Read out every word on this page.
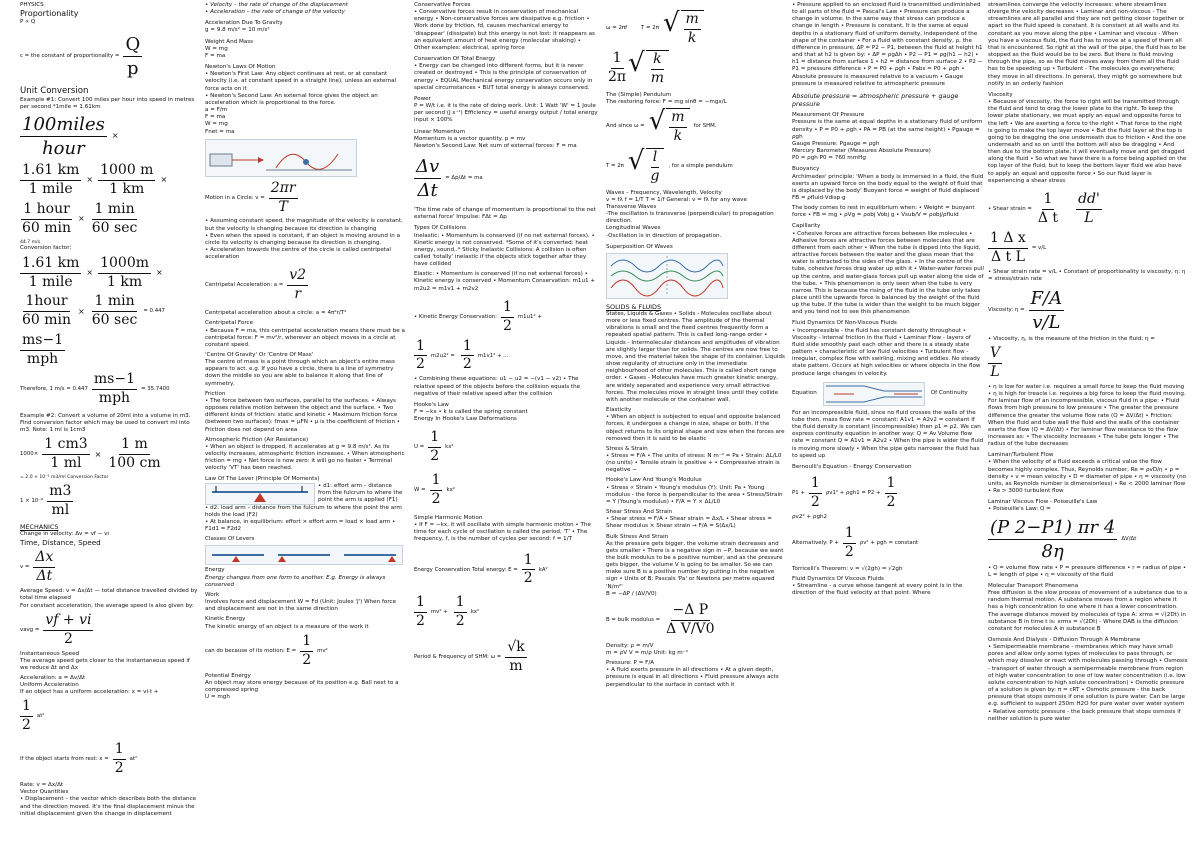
PHYSICS

Proportionality

P ∝ Q

c = the constant of proportionality = $\frac{Q}{p}$

Unit Conversion

Example #1: Convert 100 miles per hour into speed in metres per second *1mile = 1.61km

$\frac{\text{100miles}}{\text{hour}}$ ×
$\frac{1.61 km}{\text{1 mile}} \times \frac{1000 m}{1 km}$ ×
$\frac{\text{1 hour}}{60 \min} \times \frac{1 \min}{60 \sec}$

44.7 m/s

Conversion factor:

$\frac{1.61 km}{\text{1 mile}} \times \frac{1000m}{1 km}$ ×
$\frac{\text{1hour}}{60 \min} \times \frac{1 \min}{60 \sec} = 0.447$
$\frac{ms-1}{\text{mph}}$
Therefore, 1 $m/s = 0.447 \frac{ms-1}{\text{mph}} = 35.7400$

Example #2: Convert a volume of 20ml into a volume in m3. Find conversion factor which may be used to convert ml into m3. Note: 1 ml is 1cm3

$1000\times \frac{1 cm3}{1 ml} \times \frac{1 m}{100 cm}$

= 2.0 × 10⁻⁵ m3/ml Conversion Factor

$1 \times 10^{-6} \frac{m3}{ml}$

MECHANICS

Change in velocity: Δv = vf − vi

Time, Distance, Speed

$v = \frac{\Delta x}{\Delta t}$

Average Speed: v = Δx/Δt — total distance travelled divided by total time elapsed

For constant acceleration, the average speed is also given by:

vavg = $\frac{vf + vi}{2}$

Instantaneous Speed

The average speed gets closer to the instantaneous speed if we reduce Δt and Δx

Acceleration: a = Δv/Δt

Uniform Acceleration

If an object has a uniform acceleration: x = vi·t +

$\frac{1}{2} at^2$
If the object starts from rest: $x = \frac{1}{2} at^2$

Rate: v = Δx/Δt

Vector Quantities

• Displacement – the vector which describes both the distance and the direction moved. It's the final displacement minus the initial displacement given the change in displacement

• Velocity – the rate of change of the displacement

• Acceleration – the rate of change of the velocity

Acceleration Due To Gravity

g = 9.8 m/s² ≈ 10 m/s²

Weight And Mass

W = mg

F = ma

Newton's Laws Of Motion

• Newton's First Law: Any object continues at rest, or at constant velocity (i.e. at constant speed in a straight line), unless an external force acts on it

• Newton's Second Law: An external force gives the object an acceleration which is proportional to the force.

a = F/m

F = ma

W = mg

Fnet = ma

Motion in a Circle: $v = \frac{2\pi r}{T}$

• Assuming constant speed, the magnitude of the velocity is constant, but the velocity is changing because its direction is changing

• Even when the speed is constant, if an object is moving around in a circle its velocity is changing because its direction is changing.

• Acceleration towards the centre of the circle is called centripetal acceleration

Centripetal Acceleration: $a = \frac{v2}{r}$

Centripetal acceleration about a circle: a = 4π²r/T²

Centripetal Force

• Because F = ma, this centripetal acceleration means there must be a centripetal force: F = mv²/r, wherever an object moves in a circle at constant speed.

'Centre Of Gravity' Or 'Centre Of Mass'

The centre of mass is a point through which an object's entire mass appears to act. e.g. If you have a circle, there is a line of symmetry down the middle so you are able to balance it along that line of symmetry.

Friction

• The force between two surfaces, parallel to the surfaces. • Always opposes relative motion between the object and the surface. • Two different kinds of friction: static and kinetic • Maximum friction force (between two surfaces): fmax = μFN • μ is the coefficient of friction • Friction does not depend on area

Atmospheric Friction (Air Resistance)

• When an object is dropped, it accelerates at g = 9.8 m/s². As its velocity increases, atmospheric friction increases. • When atmospheric friction = mg • Net force is now zero: it will go no faster • Terminal velocity 'VT' has been reached.

Law Of The Lever (Principle Of Moments)

• d1: effort arm – distance from the fulcrum to where the point the arm is applied (F1)

• d2: load arm – distance from the fulcrum to where the point the arm holds the load (F2)

• At balance, in equilibrium: effort × effort arm = load × load arm • F1d1 = F2d2

Classes Of Levers

Energy

Energy changes from one form to another. E.g. Energy is always conserved

Work

Involves force and displacement W = Fd (Unit: Joules 'J') When force and displacement are not in the same direction

Kinetic Energy

The kinetic energy of an object is a measure of the work it

can do because of its motion: $E = \frac{1}{2} mv^2$

Potential Energy

An object may store energy because of its position e.g. Ball next to a compressed spring

U = mgh

Conservative Forces

• Conservative forces result in conservation of mechanical energy • Non-conservative forces are dissipative e.g. friction • Work done by friction, fd, causes mechanical energy to 'disappear' (dissipate) but this energy is not lost: it reappears as an equivalent amount of heat energy (molecular shaking) • Other examples: electrical, spring force

Conservation Of Total Energy

• Energy can be changed into different forms, but it is never created or destroyed • This is the principle of conservation of energy • EQUAL Mechanical energy conservation occurs only in special circumstances • BUT total energy is always conserved.

Power

P = W/t i.e. it is the rate of doing work. Unit: 1 Watt 'W' = 1 Joule per second (J s⁻¹) Efficiency = useful energy output / total energy input × 100%

Linear Momentum

Momentum is a vector quantity. p = mv

Newton's Second Law: Net sum of external forces: F = ma

$\frac{\Delta v}{\Delta t} = \Delta p/\Delta t$ = ma

'The time rate of change of momentum is proportional to the net external force' Impulse: FΔt = Δp

Types Of Collisions

Inelastic: • Momentum is conserved (if no net external forces). • Kinetic energy is not conserved. *Some of it's converted: heat energy, sound..* Sticky Inelastic Collisions: A collision is often called 'totally' inelastic if the objects stick together after they have collided

Elastic: • Momentum is conserved (if no net external forces) • Kinetic energy is conserved • Momentum Conservation: m1u1 + m2u2 = m1v1 + m2v2

• Kinetic Energy Conservation: $\frac{1}{2} m1u1^2$ +
$\frac{1}{2} m2u2^2 = \frac{1}{2} m1v1^2$ + ...

• Combining these equations: u1 − u2 = −(v1 − v2) • The relative speed of the objects before the collision equals the negative of their relative speed after the collision

Hooke's Law

F = −kx • k is called the spring constant

Energy In Hooke's Law Deformations

$U = \frac{1}{2} kx^2$
$W = \frac{1}{2} kx^2$

Simple Harmonic Motion

• If F = −kx, it will oscillate with simple harmonic motion • The time for each cycle of oscillation is called the period, 'T' • The frequency, f, is the number of cycles per second: f = 1/T

Energy Conservation Total energy: $E = \frac{1}{2} kA^2$
$\frac{1}{2} mv^2 + \frac{1}{2} kx^2$
Period & Frequency of SHM: $\omega = \frac{√k}{m}$
ω = 2πf	T = 2π √ $\frac{m}{k}$
$\frac{1}{2\pi}$ √ $\frac{k}{m}$

The (Simple) Pendulum

The restoring force: F = mg sinθ = −mgx/L

And since ω = √ $\frac{m}{k}$ for SHM.
T = 2π √ $\frac{l}{g}$ , for a simple pendulum

Waves – Frequency, Wavelength, Velocity

v = fλ f = 1/T T = 1/f General: v = fλ for any wave

Transverse Waves

-The oscillation is transverse (perpendicular) to propagation direction.

Longitudinal Waves

-Oscillation is in direction of propagation.

Superposition Of Waves

SOLIDS & FLUIDS

States, Liquids & Gases • Solids - Molecules oscillate about more or less fixed centres. The amplitude of the thermal vibrations is small and the fixed centres frequently form a repeated spatial pattern. This is called long-range order • Liquids - Intermolecular distances and amplitudes of vibration are slightly larger than for solids. The centres are now free to move, and the material takes the shape of its container. Liquids show regularity of structure only in the immediate neighbourhood of other molecules. This is called short range order. • Gases - Molecules have much greater kinetic energy, are widely separated and experience very small attractive forces. The molecules move in straight lines until they collide with another molecule or the container wall.

Elasticity

• When an object is subjected to equal and opposite balanced forces, it undergoes a change in size, shape or both. If the object returns to its original shape and size when the forces are removed then it is said to be elastic

Stress & Strain

• Stress = F/A • The units of stress: N m⁻² = Pa • Strain: ΔL/L0 (no units) • Tensile strain is positive + • Compressive strain is negative −

Hooke's Law And Young's Modulus

• Stress ∝ Strain • Young's modulus (Y): Unit: Pa • Young modulus - the force is perpendicular to the area • Stress/Strain = Y (Young's modulus) • F/A = Y × ΔL/L0

Shear Stress And Strain

• Shear stress = F/A • Shear strain = Δx/L • Shear stress = Shear modulus × Shear strain → F/A = S(Δx/L)

Bulk Stress And Strain

As the pressure gets bigger, the volume strain decreases and gets smaller • There is a negative sign in −P, because we want the bulk modulus to be a positive number, and as the pressure gets bigger, the volume V is going to be smaller. So we can make sure B is a positive number by putting in the negative sign • Units of B: Pascals 'Pa' or Newtons per metre squared 'N/m²'

B = −ΔP / (ΔV/V0)

B = bulk modulus = $\frac{\text{−Δ P}}{\text{Δ V/V0}}$

Density: ρ = m/V

m = ρV V = m/ρ Unit: kg m⁻³

Pressure: P = F/A

• A fluid exerts pressure in all directions • At a given depth, pressure is equal in all directions • Fluid pressure always acts perpendicular to the surface in contact with it

• Pressure applied to an enclosed fluid is transmitted undiminished to all parts of the fluid = Pascal's Law • Pressure can produce a change in volume: In the same way that stress can produce a change in length • Pressure is constant, It is the same at equal depths in a stationary fluid of uniform density, independent of the shape of the container • For a fluid with constant density, ρ, the difference in pressure, ΔP = P2 − P1, between the fluid at height h1 and that at h2 is given by: • ΔP = ρgΔh • P2 − P1 = ρg(h1 − h2) • h1 = distance from surface 1 • h2 = distance from surface 2 • P2 − P1 = pressure difference • P = P0 + ρgh • Pabs = P0 + ρgh • Absolute pressure is measured relative to a vacuum • Gauge pressure is measured relative to atmospheric pressure

Absolute pressure = atmospheric pressure + gauge pressure

Measurement Of Pressure

Pressure is the same at equal depths in a stationary fluid of uniform density • P = P0 + ρgh • PA = PB (at the same height) • Pgauge = ρgh

Gauge Pressure: Pgauge = ρgh

Mercury Barometer (Measures Absolute Pressure)

P0 = ρgh P0 = 760 mmHg

Buoyancy

Archimedes' principle: 'When a body is immersed in a fluid, the fluid exerts an upward force on the body equal to the weight of fluid that is displaced by the body' Buoyant force = weight of fluid displaced FB = ρfluid·Vdisp·g

The body comes to rest in equilibrium when: • Weight = buoyant force • FB = mg • ρVg = ρobj Vobj g • Vsub/V = ρobj/ρfluid

Capillarity

• Cohesive forces are attractive forces between like molecules • Adhesive forces are attractive forces between molecules that are different from each other • When the tube is dipped into the liquid, attractive forces between the water and the glass mean that the water is attracted to the sides of the glass. • In the centre of the tube, cohesive forces drag water up with it • Water-water forces pull up the centre, and water-glass forces pull up water along the side of the tube. • This phenomenon is only seen when the tube is very narrow. This is because the rising of the fluid in the tube only takes place until the upwards force is balanced by the weight of the fluid up the tube. If the tube is wider than the weight to be much bigger and you tend not to see this phenomenon

Fluid Dynamics Of Non-Viscous Fluids

• Incompressible - the fluid has constant density throughout • Viscosity - internal friction in the fluid • Laminar Flow - layers of fluid slide smoothly past each other and there is a steady state pattern • characteristic of low fluid velocities • Turbulent flow - irregular, complex flow with swirling, mixing and eddies. No steady state pattern. Occurs at high velocities or where objects in the flow produce large changes in velocity.

Equation	Of Continuity

For an incompressible fluid, since no fluid crosses the walls of the tube then, mass flow rate = constant: A1v1 = A2v2 = constant If the fluid density is constant (incompressible) then ρ1 = ρ2. We can express continuity equation in another way: Q = Av Volume flow rate = constant Q = A1v1 = A2v2 • When the pipe is wider the fluid is moving more slowly • When the pipe gets narrower the fluid has to speed up

Bernoulli's Equation - Energy Conservation

$P1 + \frac{1}{2} \rho v1^2 + \rho gh1 = P2 + \frac{1}{2}$

ρv2² + ρgh2

Alternatively: $P + \frac{1}{2} \rho v^2 + \rho gh$ = constant

Torricelli's Theorem: v = √(2gh) = √2gh

Fluid Dynamics Of Viscous Fluids

• Streamline - a curve whose tangent at every point is in the direction of the fluid velocity at that point. Where

streamlines converge the velocity increases: where streamlines diverge the velocity decreases • Laminar and non-viscous - The streamlines are all parallel and they are not getting closer together or apart so the fluid speed is constant. It is constant at all walls and its constant as you move along the pipe • Laminar and viscous - When you have a viscous fluid, the fluid has to move at a speed of them all that is encountered. So right at the wall of the pipe, the fluid has to be stopped as the fluid would be to be zero. But there is fluid moving through the pipe, so as the fluid moves away from them all the fluid has to be speeding up • Turbulent - The molecules go everywhere; they move in all directions. In general, they might go somewhere but notify in an orderly fashion

Viscosity

• Because of viscosity, the force to right will be transmitted through the fluid and tend to drag the lower plate to the right. To keep the lower plate stationary, we must apply an equal and opposite force to the left • We are exerting a force to the right • That force to the right is going to make the top layer move • But the fluid layer at the top is going to be dragging the one underneath due to friction • And the one underneath and so on until the bottom will also be dragging • And then due to the bottom plate, it will eventually move and get dragged along the fluid • So what we have there is a force being applied on the top layer of the fluid, but to keep the bottom layer fluid we also have to apply an equal and opposite force • So our fluid layer is experiencing a shear stress

• Shear strain = $\frac{1}{\text{Δ t}} \frac{dd'}{L}$
$\frac{\text{1 Δ x}}{\text{Δ t L}} = v/L$

• Shear strain rate = v/L • Constant of proportionality is viscosity, η: η = stress/strain rate

Viscosity: $\eta = \frac{F/A}{v/L}$

• Viscosity, η, is the measure of the friction in the fluid: η =

$\frac{V}{L}$

• η is low for water i.e. requires a small force to keep the fluid moving • η is high for treacle i.e. requires a big force to keep the fluid moving. For laminar flow of an incompressible, viscous fluid in a pipe: • Fluid flows from high pressure to low pressure • The greater the pressure difference the greater the volume flow rate (Q = ΔV/Δt) • Friction: When the fluid and tube wall the fluid and the walls of the container exerts the flow (Q = ΔV/Δt) • For laminar flow resistance to the flow increases as: • The viscosity increases • The tube gets longer • The radius of the tube decreases

Laminar/Turbulent Flow

• When the velocity of a fluid exceeds a critical value the flow becomes highly complex. Thus, Reynolds number, Re = ρvD/η • ρ = density • v = mean velocity • D = diameter of pipe • η = viscosity (no units, as Reynolds number is dimensionless) • Re < 2000 laminar flow • Re > 3000 turbulent flow

Laminar Viscous Flow - Poiseuille's Law

• Poiseuille's Law: Q =

$\frac{(P 2-P1) \pi r 4}{8\eta} \Delta V/\Delta t$

• Q = volume flow rate • P = pressure difference • r = radius of pipe • L = length of pipe • η = viscosity of the fluid

Molecular Transport Phenomena

Free diffusion is the slow process of movement of a substance due to a random thermal motion. A substance moves from a region where it has a high concentration to one where it has a lower concentration. The average distance moved by molecules of type A: xrms = √(2Dt) in substance B in time t is: xrms = √(2Dt) - Where DAB is the diffusion constant for molecules A in substance B

Osmosis And Dialysis - Diffusion Through A Membrane

• Semipermeable membrane - membranes which may have small pores and allow only some types of molecules to pass through, or which may dissolve or react with molecules passing through • Osmosis - transport of water through a semipermeable membrane from region of high water concentration to one of low water concentration (i.e. low solute concentration to high solute concentration) • Osmotic pressure of a solution is given by: π = cRT • Osmotic pressure - the back pressure that stops osmosis if one solution is pure water. Can be large e.g. sufficient to support 250m H2O for pure water over water system • Relative osmotic pressure - the back pressure that stops osmosis if neither solution is pure water
